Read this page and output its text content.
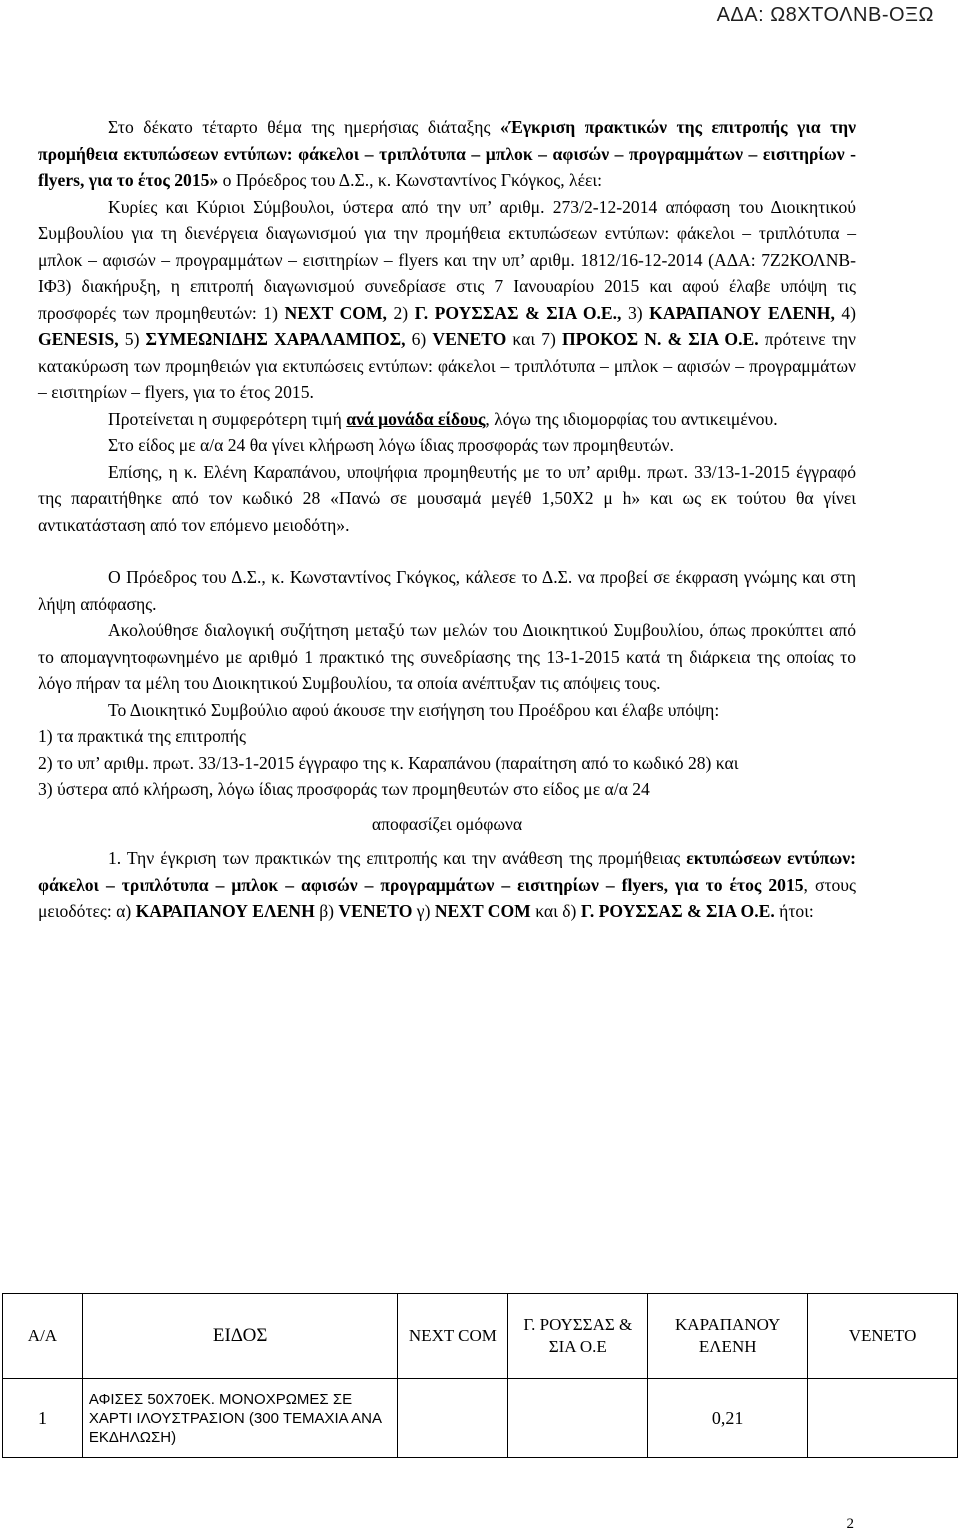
ΑΔΑ: Ω8ΧΤΟΛΝΒ-ΟΞΩ

Στο δέκατο τέταρτο θέμα της ημερήσιας διάταξης «Έγκριση πρακτικών της επιτροπής για την προμήθεια εκτυπώσεων εντύπων: φάκελοι – τριπλότυπα – μπλοκ – αφισών – προγραμμάτων – εισιτηρίων - flyers, για το έτος 2015» ο Πρόεδρος του Δ.Σ., κ. Κωνσταντίνος Γκόγκος, λέει:

Κυρίες και Κύριοι Σύμβουλοι, ύστερα από την υπ’ αριθμ. 273/2-12-2014 απόφαση του Διοικητικού Συμβουλίου για τη διενέργεια διαγωνισμού για την προμήθεια εκτυπώσεων εντύπων: φάκελοι – τριπλότυπα – μπλοκ – αφισών – προγραμμάτων – εισιτηρίων – flyers και την υπ’ αριθμ. 1812/16-12-2014 (ΑΔΑ: 7Ζ2ΚΟΛΝΒ-ΙΦ3) διακήρυξη, η επιτροπή διαγωνισμού συνεδρίασε στις 7 Ιανουαρίου 2015 και αφού έλαβε υπόψη τις προσφορές των προμηθευτών: 1) NEXT COM, 2) Γ. ΡΟΥΣΣΑΣ & ΣΙΑ Ο.Ε., 3) ΚΑΡΑΠΑΝΟΥ ΕΛΕΝΗ, 4) GENESIS, 5) ΣΥΜΕΩΝΙΔΗΣ ΧΑΡΑΛΑΜΠΟΣ, 6) VENETO και 7) ΠΡΟΚΟΣ Ν. & ΣΙΑ Ο.Ε. πρότεινε την κατακύρωση των προμηθειών για εκτυπώσεις εντύπων: φάκελοι – τριπλότυπα – μπλοκ – αφισών – προγραμμάτων – εισιτηρίων – flyers, για το έτος 2015.

Προτείνεται η συμφερότερη τιμή ανά μονάδα είδους, λόγω της ιδιομορφίας του αντικειμένου.

Στο είδος με α/α 24 θα γίνει κλήρωση λόγω ίδιας προσφοράς των προμηθευτών.

Επίσης, η κ. Ελένη Καραπάνου, υποψήφια προμηθευτής με το υπ’ αριθμ. πρωτ. 33/13-1-2015 έγγραφό της παραιτήθηκε από τον κωδικό 28 «Πανώ σε μουσαμά μεγέθ 1,50Χ2 μ h» και ως εκ τούτου θα γίνει αντικατάσταση από τον επόμενο μειοδότη».

Ο Πρόεδρος του Δ.Σ., κ. Κωνσταντίνος Γκόγκος, κάλεσε το Δ.Σ. να προβεί σε έκφραση γνώμης και στη λήψη απόφασης.

Ακολούθησε διαλογική συζήτηση μεταξύ των μελών του Διοικητικού Συμβουλίου, όπως προκύπτει από το απομαγνητοφωνημένο με αριθμό 1 πρακτικό της συνεδρίασης της 13-1-2015 κατά τη διάρκεια της οποίας το λόγο πήραν τα μέλη του Διοικητικού Συμβουλίου, τα οποία ανέπτυξαν τις απόψεις τους.

Το Διοικητικό Συμβούλιο αφού άκουσε την εισήγηση του Προέδρου και έλαβε υπόψη:

1) τα πρακτικά της επιτροπής

2) το υπ’ αριθμ. πρωτ. 33/13-1-2015 έγγραφο της κ. Καραπάνου (παραίτηση από το κωδικό 28) και

3) ύστερα από κλήρωση, λόγω ίδιας προσφοράς των προμηθευτών στο είδος με α/α 24

αποφασίζει ομόφωνα

1. Την έγκριση των πρακτικών της επιτροπής και την ανάθεση της προμήθειας εκτυπώσεων εντύπων: φάκελοι – τριπλότυπα – μπλοκ – αφισών – προγραμμάτων – εισιτηρίων – flyers, για το έτος 2015, στους μειοδότες: α) ΚΑΡΑΠΑΝΟΥ ΕΛΕΝΗ β) VENETO γ) NEXT COM και δ) Γ. ΡΟΥΣΣΑΣ & ΣΙΑ Ο.Ε. ήτοι:

Α/Α	ΕΙΔΟΣ	NEXT COM	Γ. ΡΟΥΣΣΑΣ & ΣΙΑ Ο.Ε	ΚΑΡΑΠΑΝΟΥ ΕΛΕΝΗ	VENETO
1	ΑΦΙΣΕΣ 50Χ70ΕΚ. ΜΟΝΟΧΡΩΜΕΣ ΣΕ ΧΑΡΤΙ ΙΛΟΥΣΤΡΑΣΙΟΝ (300 ΤΕΜΑΧΙΑ ΑΝΑ ΕΚΔΗΛΩΣΗ)			0,21	
2
